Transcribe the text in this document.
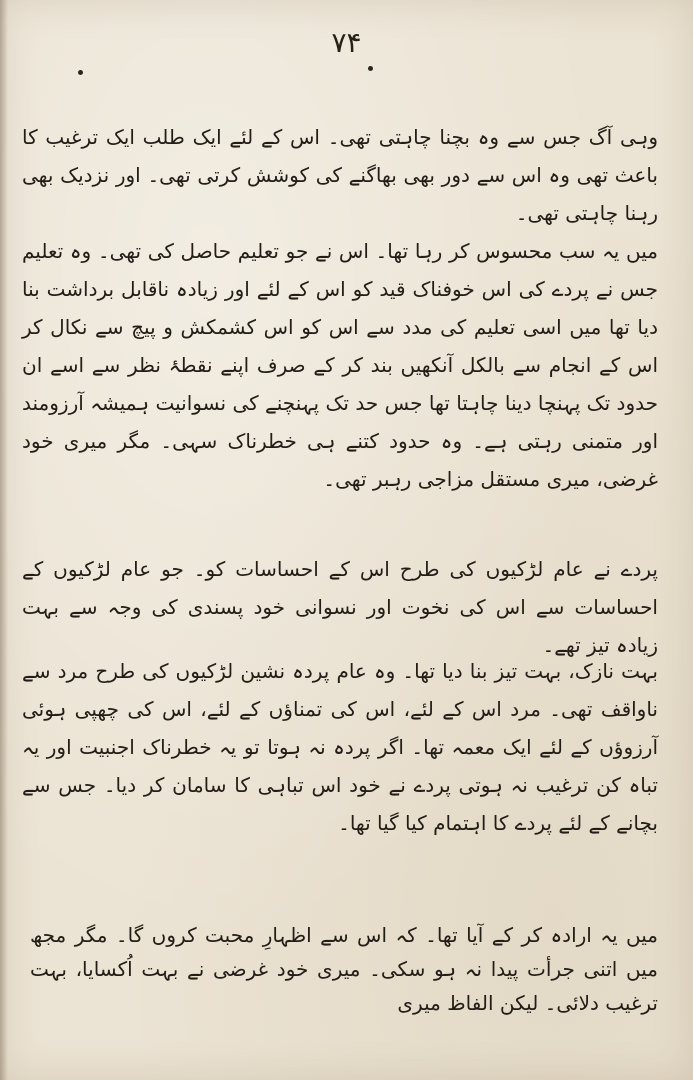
۷۴
وہی آگ جس سے وہ بچنا چاہتی تھی۔ اس کے لئے ایک طلب ایک ترغیب کا باعث تھی وہ اس سے دور بھی بھاگنے کی کوشش کرتی تھی۔ اور نزدیک بھی رہنا چاہتی تھی۔
میں یہ سب محسوس کر رہا تھا۔ اس نے جو تعلیم حاصل کی تھی۔ وہ تعلیم جس نے پردے کی اس خوفناک قید کو اس کے لئے اور زیادہ ناقابل برداشت بنا دیا تھا میں اسی تعلیم کی مدد سے اس کو اس کشمکش و پیچ سے نکال کر اس کے انجام سے بالکل آنکھیں بند کر کے صرف اپنے نقطۂ نظر سے اسے ان حدود تک پہنچا دینا چاہتا تھا جس حد تک پہنچنے کی نسوانیت ہمیشہ آرزومند اور متمنی رہتی ہے۔ وہ حدود کتنے ہی خطرناک سہی۔ مگر میری خود غرضی، میری مستقل مزاجی رہبر تھی۔
پردے نے عام لڑکیوں کی طرح اس کے احساسات کو۔ جو عام لڑکیوں کے احساسات سے اس کی نخوت اور نسوانی خود پسندی کی وجہ سے بہت زیادہ تیز تھے۔
بہت نازک، بہت تیز بنا دیا تھا۔ وہ عام پردہ نشین لڑکیوں کی طرح مرد سے ناواقف تھی۔ مرد اس کے لئے، اس کی تمناؤں کے لئے، اس کی چھپی ہوئی آرزوؤں کے لئے ایک معمہ تھا۔ اگر پردہ نہ ہوتا تو یہ خطرناک اجنبیت اور یہ تباہ کن ترغیب نہ ہوتی پردے نے خود اس تباہی کا سامان کر دیا۔ جس سے بچانے کے لئے پردے کا اہتمام کیا گیا تھا۔
میں یہ ارادہ کر کے آیا تھا۔ کہ اس سے اظہارِ محبت کروں گا۔ مگر مجھ میں اتنی جرأت پیدا نہ ہو سکی۔ میری خود غرضی نے بہت اُکسایا، بہت ترغیب دلائی۔ لیکن الفاظ میری
